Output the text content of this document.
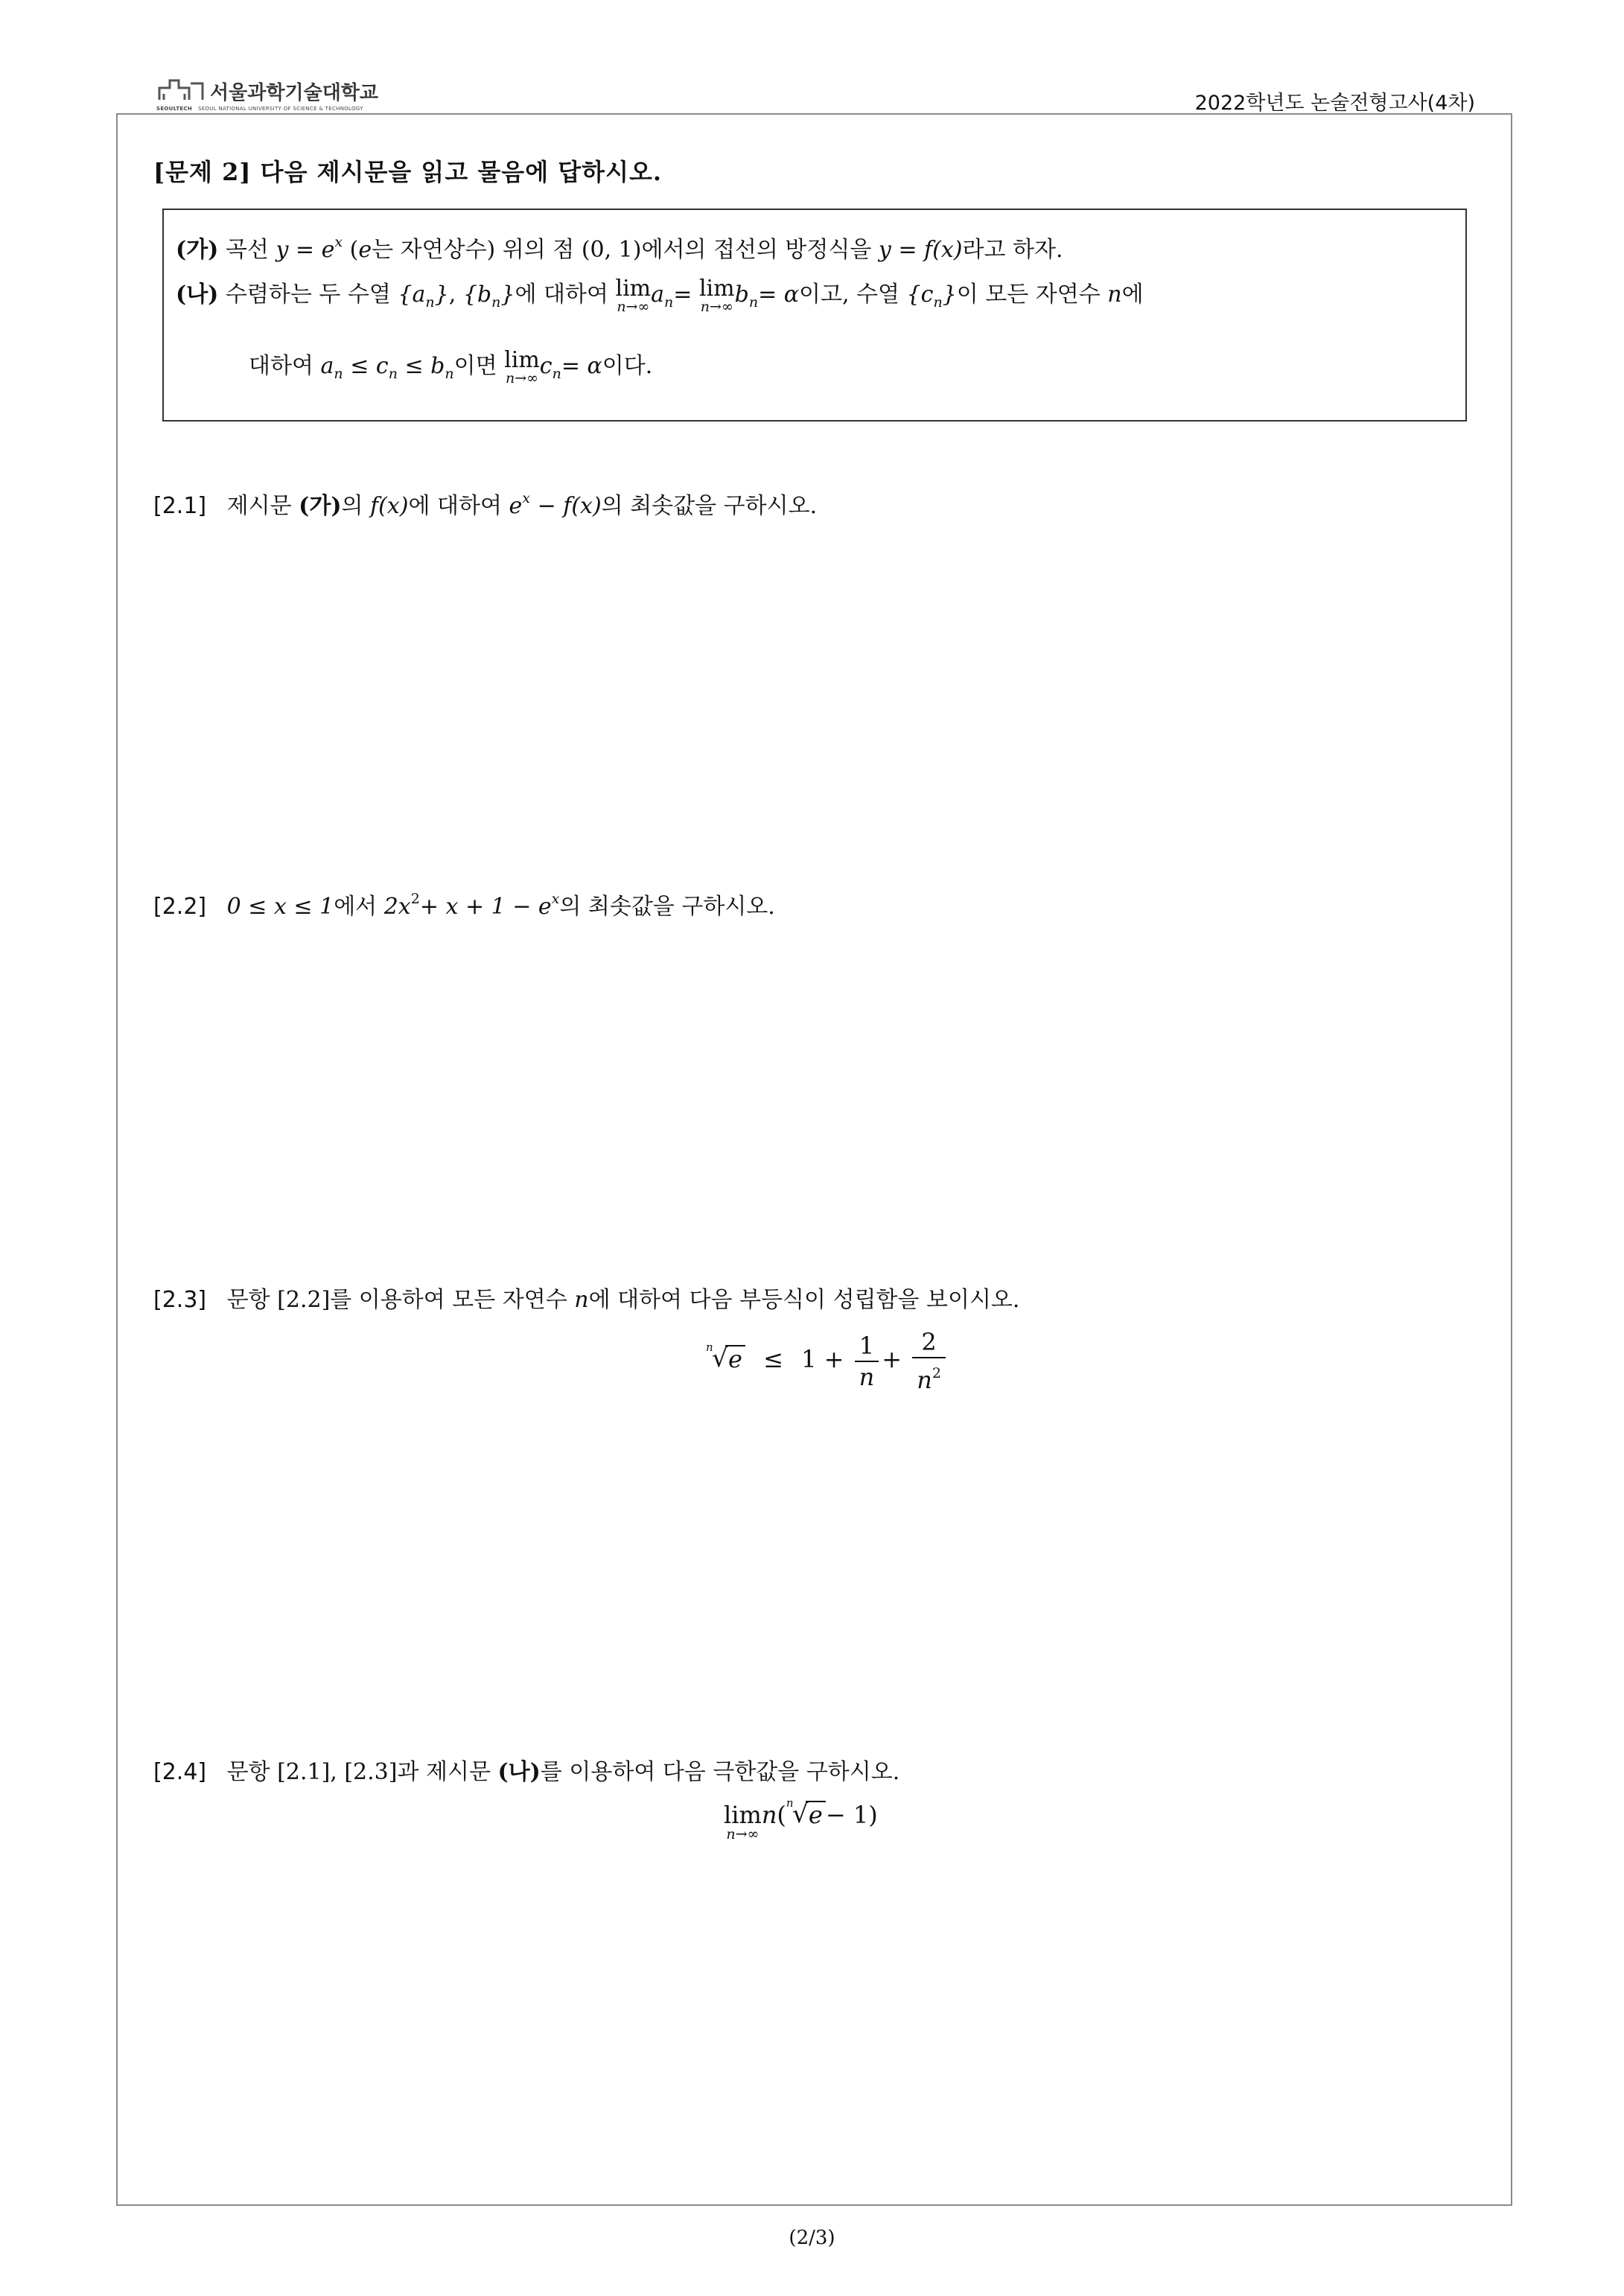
서울과학기술대학교
SEOULTECH SEOUL NATIONAL UNIVERSITY OF SCIENCE & TECHNOLOGY	2022학년도 논술전형고사(4차)
[문제 2] 다음 제시문을 읽고 물음에 답하시오.
(가) 곡선 $y = e^x$ (e는 자연상수) 위의 점 (0, 1)에서의 접선의 방정식을 y = f(x)라고 하자.
(나) 수렴하는 두 수열 $\{a_n\}$, $\{b_n\}$에 대하여 lim
n→∞ $a_n= \lim$
n→∞ $b_n= \alpha$이고, 수열 $\{c_n\}$이 모든 자연수 n에
대하여 $a_n \le c_n \le b_n$이면 lim
n→∞ $c_n= \alpha$이다.
[2.1] 제시문 (가)의 f(x)에 대하여 $e^x - f(x)$의 최솟값을 구하시오.
[2.2] 0 ≤ x ≤ 1에서 $2x^2+ x + 1 - e^x$의 최솟값을 구하시오.
[2.3] 문항 [2.2]를 이용하여 모든 자연수 n에 대하여 다음 부등식이 성립함을 보이시오.
n
√ $e \le 1 + \frac{1}{n} + \frac{2}{n^2}$
[2.4] 문항 [2.1], [2.3]과 제시문 (나)를 이용하여 다음 극한값을 구하시오.
lim
n→∞
n( n
√ e − 1)
(2/3)
